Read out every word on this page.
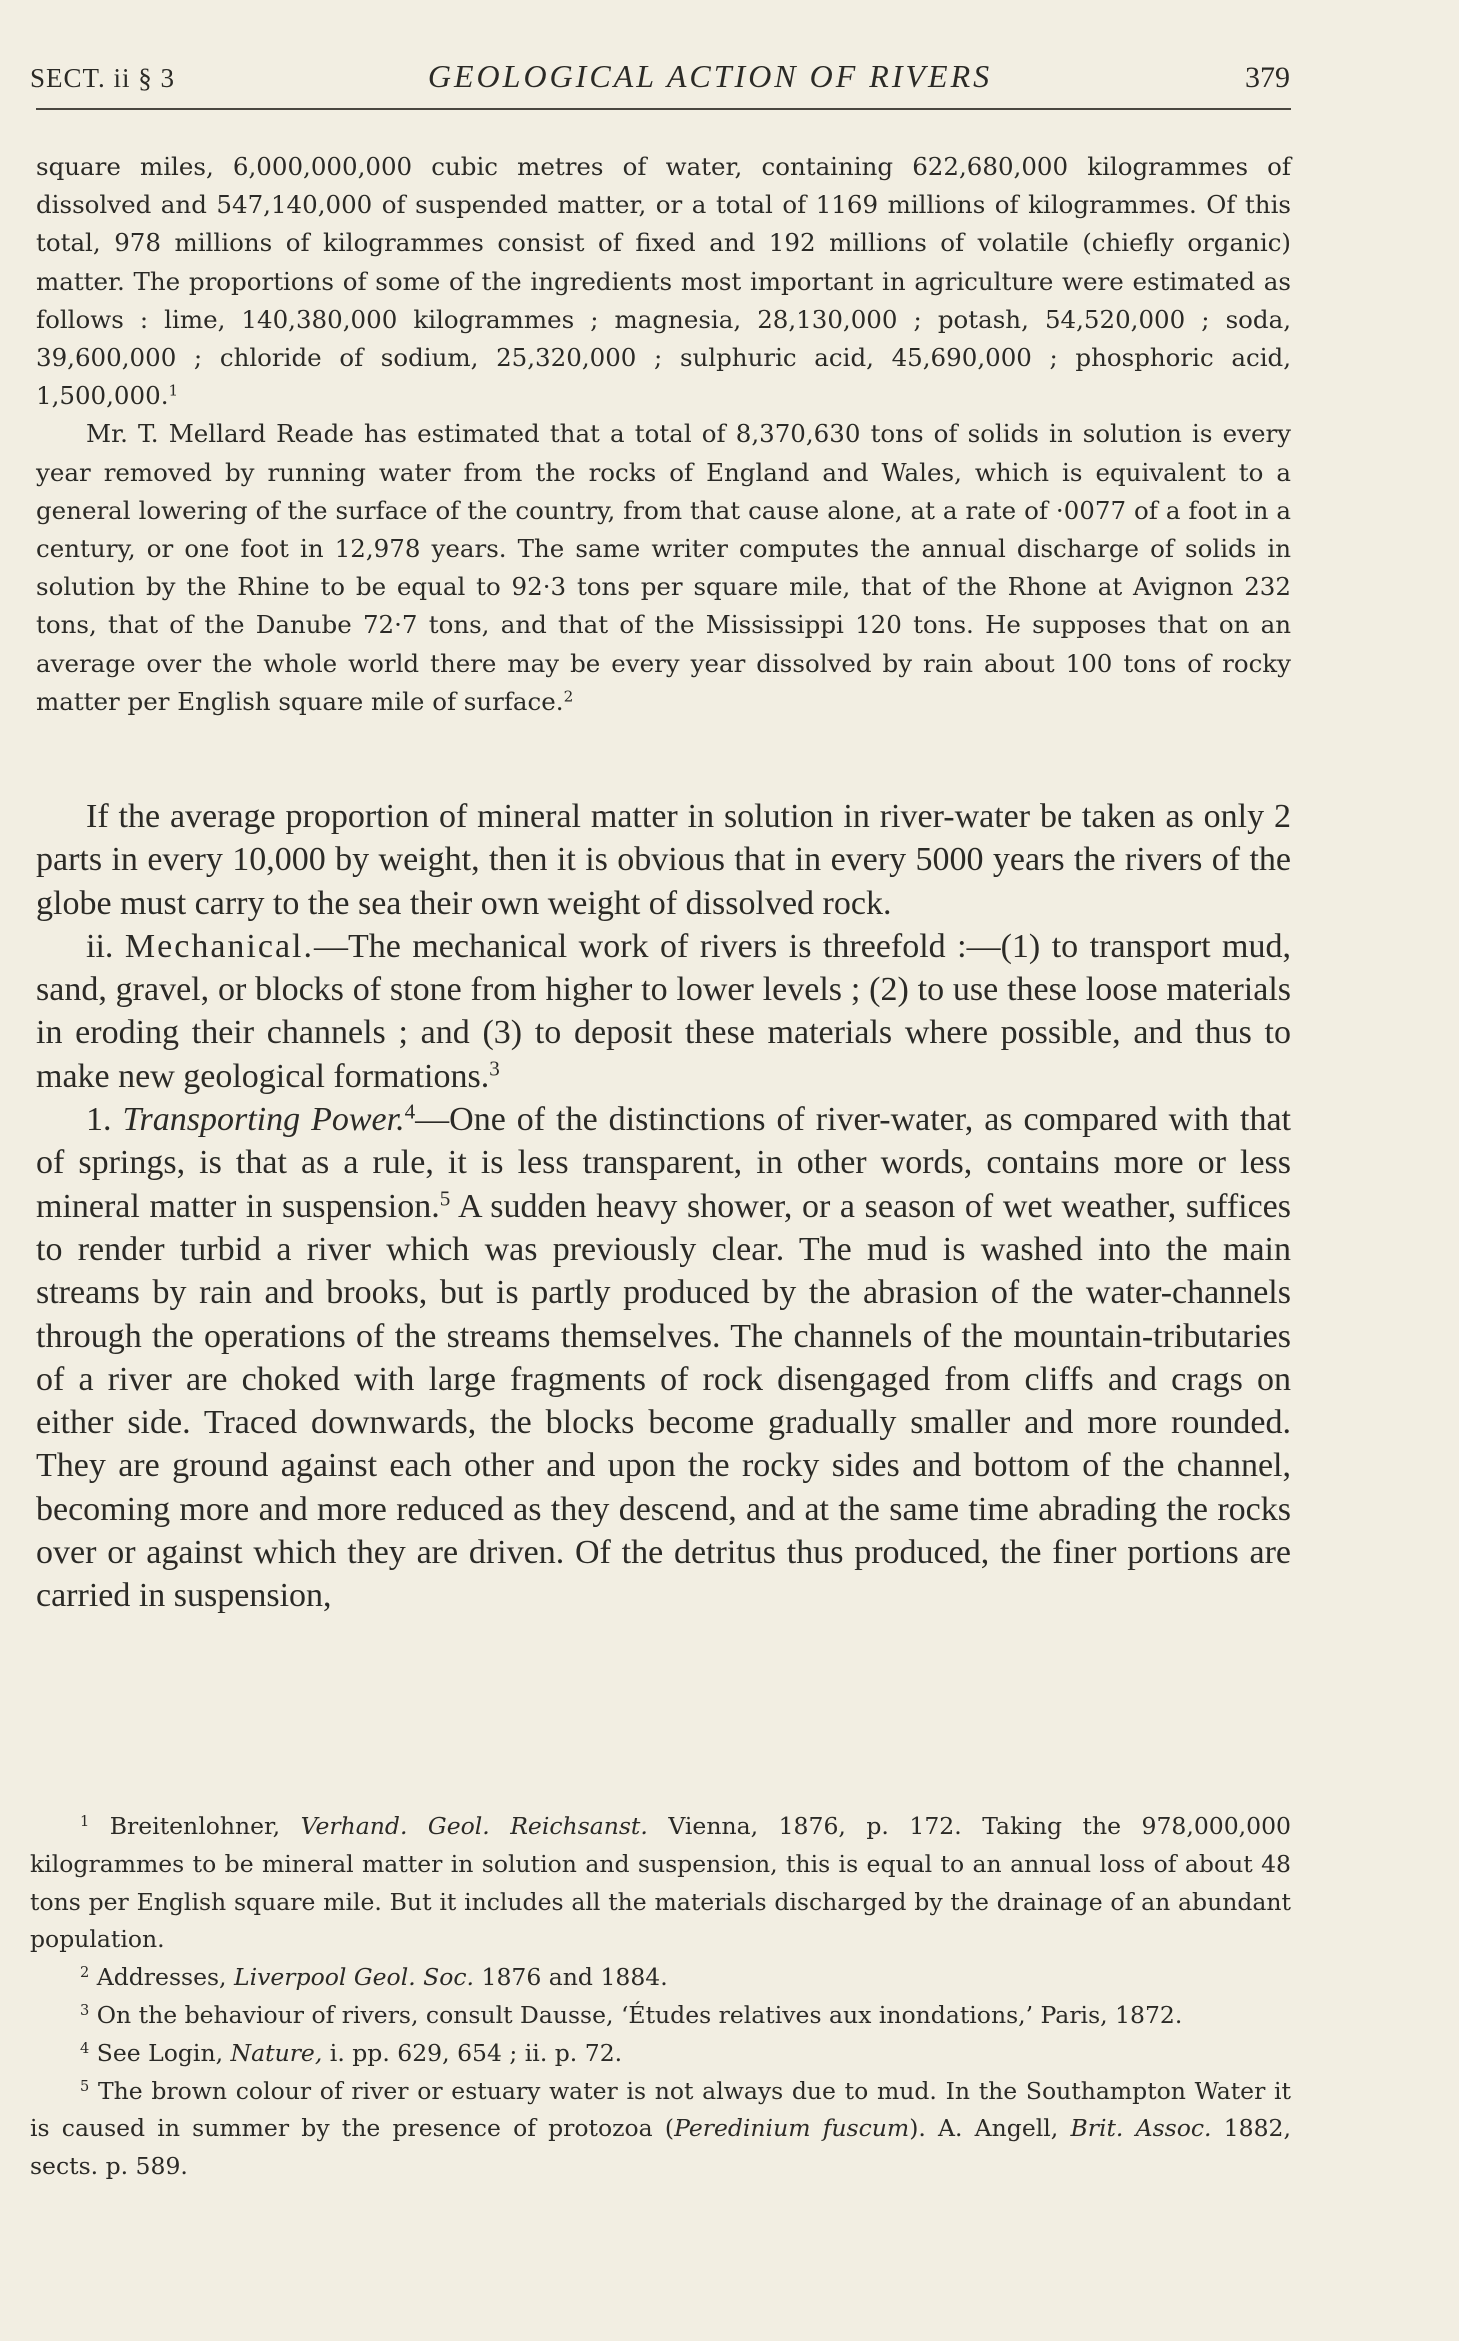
SECT. ii § 3	GEOLOGICAL ACTION OF RIVERS	379

square miles, 6,000,000,000 cubic metres of water, containing 622,680,000 kilogrammes of dissolved and 547,140,000 of suspended matter, or a total of 1169 millions of kilogrammes. Of this total, 978 millions of kilogrammes consist of fixed and 192 millions of volatile (chiefly organic) matter. The proportions of some of the ingredients most important in agriculture were estimated as follows : lime, 140,380,000 kilogrammes ; magnesia, 28,130,000 ; potash, 54,520,000 ; soda, 39,600,000 ; chloride of sodium, 25,320,000 ; sulphuric acid, 45,690,000 ; phosphoric acid, 1,500,000.$^1$

Mr. T. Mellard Reade has estimated that a total of 8,370,630 tons of solids in solution is every year removed by running water from the rocks of England and Wales, which is equivalent to a general lowering of the surface of the country, from that cause alone, at a rate of ·0077 of a foot in a century, or one foot in 12,978 years. The same writer computes the annual discharge of solids in solution by the Rhine to be equal to 92·3 tons per square mile, that of the Rhone at Avignon 232 tons, that of the Danube 72·7 tons, and that of the Mississippi 120 tons. He supposes that on an average over the whole world there may be every year dissolved by rain about 100 tons of rocky matter per English square mile of surface.$^2$

If the average proportion of mineral matter in solution in river-water be taken as only 2 parts in every 10,000 by weight, then it is obvious that in every 5000 years the rivers of the globe must carry to the sea their own weight of dissolved rock.

ii. Mechanical.—The mechanical work of rivers is threefold :—(1) to transport mud, sand, gravel, or blocks of stone from higher to lower levels ; (2) to use these loose materials in eroding their channels ; and (3) to deposit these materials where possible, and thus to make new geological formations.$^3$

1. Transporting Power.$^4$—One of the distinctions of river-water, as compared with that of springs, is that as a rule, it is less transparent, in other words, contains more or less mineral matter in suspension.$^5$ A sudden heavy shower, or a season of wet weather, suffices to render turbid a river which was previously clear. The mud is washed into the main streams by rain and brooks, but is partly produced by the abrasion of the water-channels through the operations of the streams themselves. The channels of the mountain-tributaries of a river are choked with large fragments of rock disengaged from cliffs and crags on either side. Traced downwards, the blocks become gradually smaller and more rounded. They are ground against each other and upon the rocky sides and bottom of the channel, becoming more and more reduced as they descend, and at the same time abrading the rocks over or against which they are driven. Of the detritus thus produced, the finer portions are carried in suspension,

$^1$ Breitenlohner, Verhand. Geol. Reichsanst. Vienna, 1876, p. 172. Taking the 978,000,000 kilogrammes to be mineral matter in solution and suspension, this is equal to an annual loss of about 48 tons per English square mile. But it includes all the materials discharged by the drainage of an abundant population.

$^2$ Addresses, Liverpool Geol. Soc. 1876 and 1884.

$^3$ On the behaviour of rivers, consult Dausse, ‘Études relatives aux inondations,’ Paris, 1872.

$^4$ See Login, Nature, i. pp. 629, 654 ; ii. p. 72.

$^5$ The brown colour of river or estuary water is not always due to mud. In the Southampton Water it is caused in summer by the presence of protozoa (Peredinium fuscum). A. Angell, Brit. Assoc. 1882, sects. p. 589.
